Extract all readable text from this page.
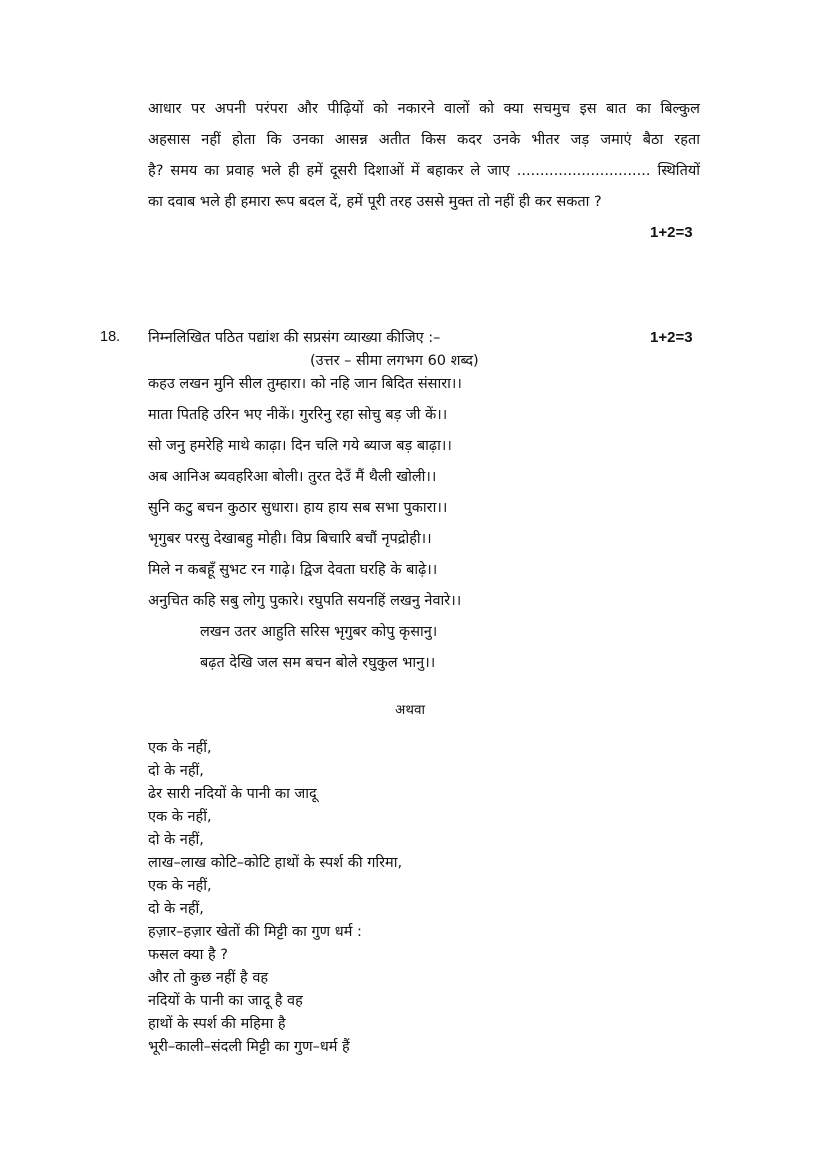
आधार पर अपनी परंपरा और पीढ़ियों को नकारने वालों को क्या सचमुच इस बात का बिल्कुल
अहसास नहीं होता कि उनका आसन्न अतीत किस कदर उनके भीतर जड़ जमाएं बैठा रहता
है? समय का प्रवाह भले ही हमें दूसरी दिशाओं में बहाकर ले जाए ............................. स्थितियों
का दवाब भले ही हमारा रूप बदल दें, हमें पूरी तरह उससे मुक्त तो नहीं ही कर सकता ?
1+2=3
18. निम्नलिखित पठित पद्यांश की सप्रसंग व्याख्या कीजिए :–	1+2=3
(उत्तर – सीमा लगभग 60 शब्द)
कहउ लखन मुनि सील तुम्हारा। को नहि जान बिदित संसारा।।
माता पितहि उरिन भए नीकें। गुररिनु रहा सोचु बड़ जी कें।।
सो जनु हमरेहि माथे काढ़ा। दिन चलि गये ब्याज बड़ बाढ़ा।।
अब आनिअ ब्यवहरिआ बोली। तुरत देउँ मैं थैली खोली।।
सुनि कटु बचन कुठार सुधारा। हाय हाय सब सभा पुकारा।।
भृगुबर परसु देखाबहु मोही। विप्र बिचारि बचौं नृपद्रोही।।
मिले न कबहूँ सुभट रन गाढ़े। द्विज देवता घरहि के बाढ़े।।
अनुचित कहि सबु लोगु पुकारे। रघुपति सयनहिं लखनु नेवारे।।
लखन उतर आहुति सरिस भृगुबर कोपु कृसानु।
बढ़त देखि जल सम बचन बोले रघुकुल भानु।।
अथवा
एक के नहीं,
दो के नहीं,
ढेर सारी नदियों के पानी का जादू
एक के नहीं,
दो के नहीं,
लाख–लाख कोटि–कोटि हाथों के स्पर्श की गरिमा,
एक के नहीं,
दो के नहीं,
हज़ार–हज़ार खेतों की मिट्टी का गुण धर्म :
फसल क्या है ?
और तो कुछ नहीं है वह
नदियों के पानी का जादू है वह
हाथों के स्पर्श की महिमा है
भूरी–काली–संदली मिट्टी का गुण–धर्म हैं
